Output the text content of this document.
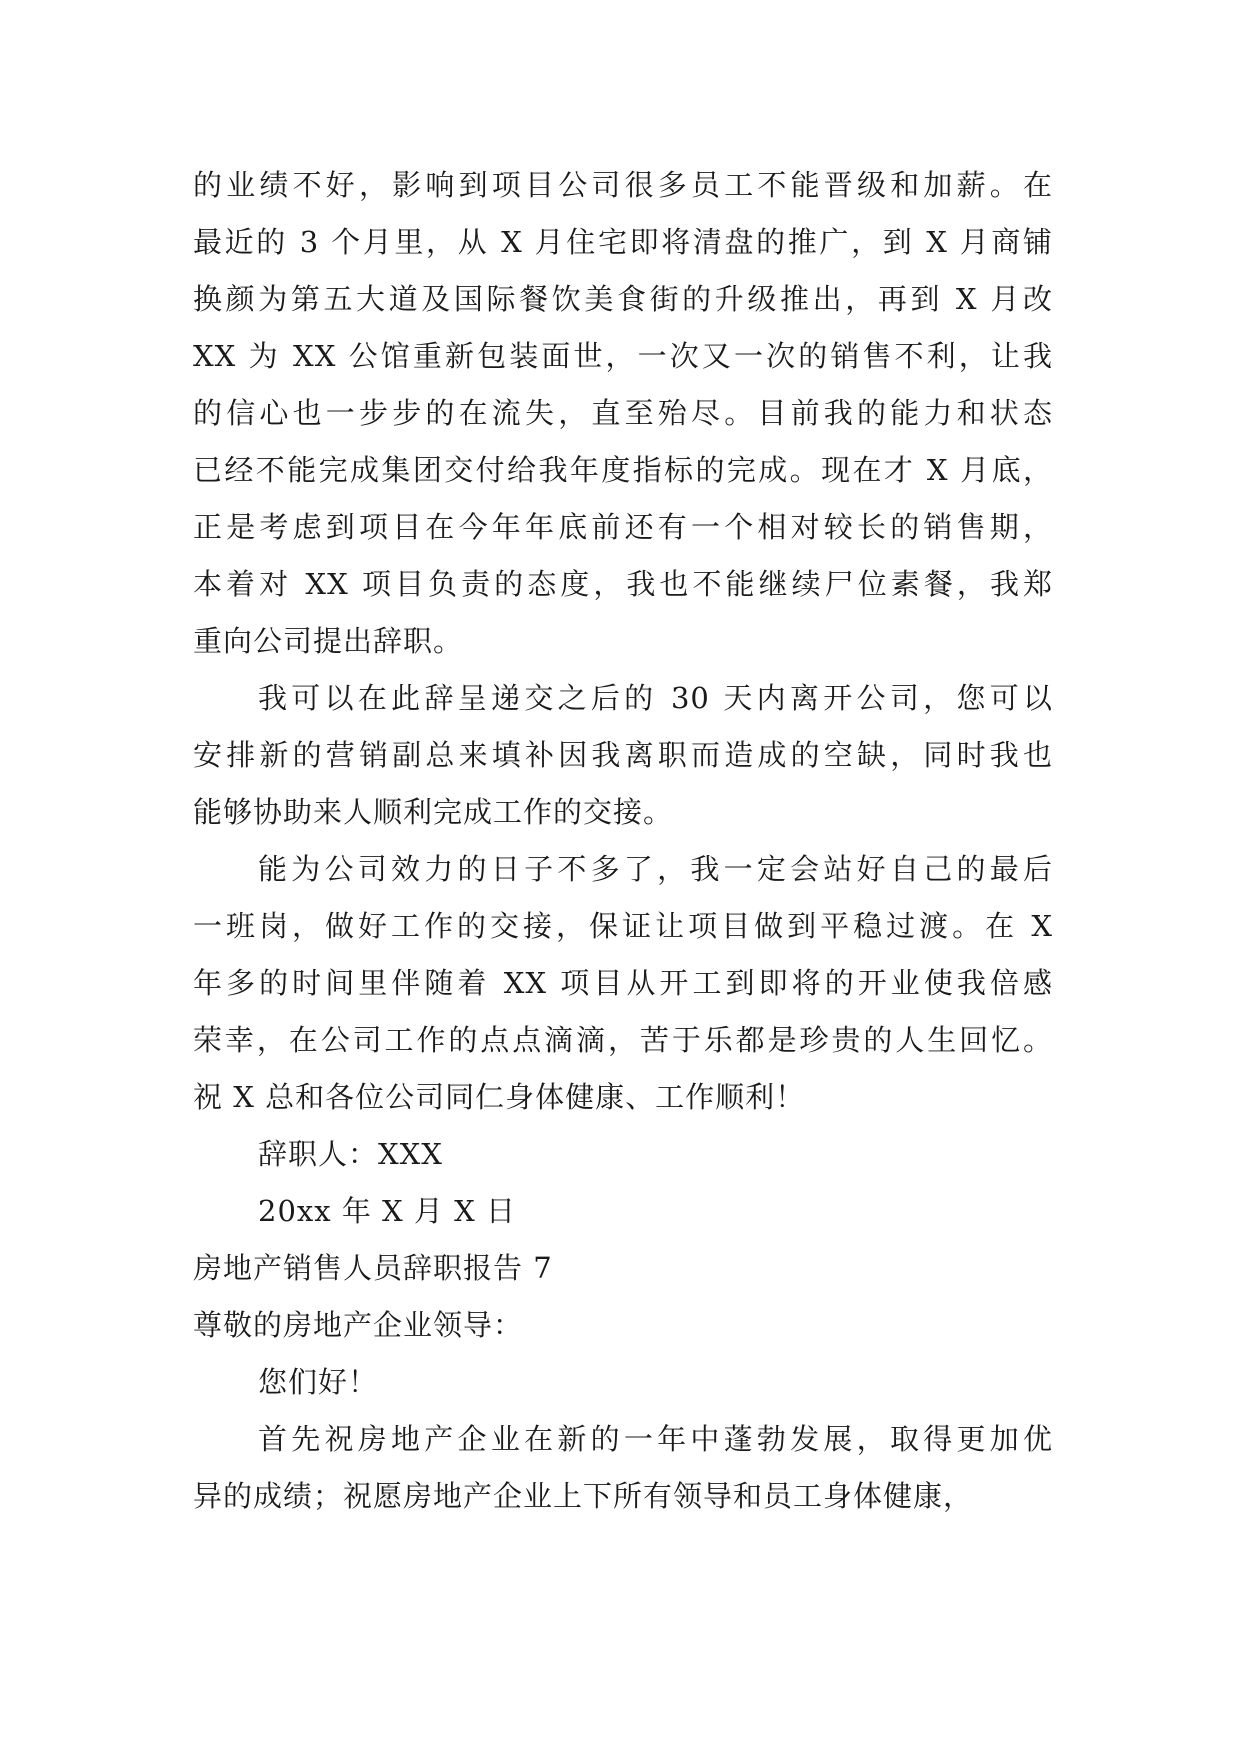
的业绩不好，影响到项目公司很多员工不能晋级和加薪。在
最近的 3 个月里，从 X 月住宅即将清盘的推广，到 X 月商铺
换颜为第五大道及国际餐饮美食街的升级推出，再到 X 月改
XX 为 XX 公馆重新包装面世，一次又一次的销售不利，让我
的信心也一步步的在流失，直至殆尽。目前我的能力和状态
已经不能完成集团交付给我年度指标的完成。现在才 X 月底，
正是考虑到项目在今年年底前还有一个相对较长的销售期，
本着对 XX 项目负责的态度，我也不能继续尸位素餐，我郑
重向公司提出辞职。
我可以在此辞呈递交之后的 30 天内离开公司，您可以
安排新的营销副总来填补因我离职而造成的空缺，同时我也
能够协助来人顺利完成工作的交接。
能为公司效力的日子不多了，我一定会站好自己的最后
一班岗，做好工作的交接，保证让项目做到平稳过渡。在 X
年多的时间里伴随着 XX 项目从开工到即将的开业使我倍感
荣幸，在公司工作的点点滴滴，苦于乐都是珍贵的人生回忆。
祝 X 总和各位公司同仁身体健康、工作顺利！
辞职人：XXX
20xx 年 X 月 X 日
房地产销售人员辞职报告 7
尊敬的房地产企业领导：
您们好！
首先祝房地产企业在新的一年中蓬勃发展，取得更加优
异的成绩；祝愿房地产企业上下所有领导和员工身体健康，
